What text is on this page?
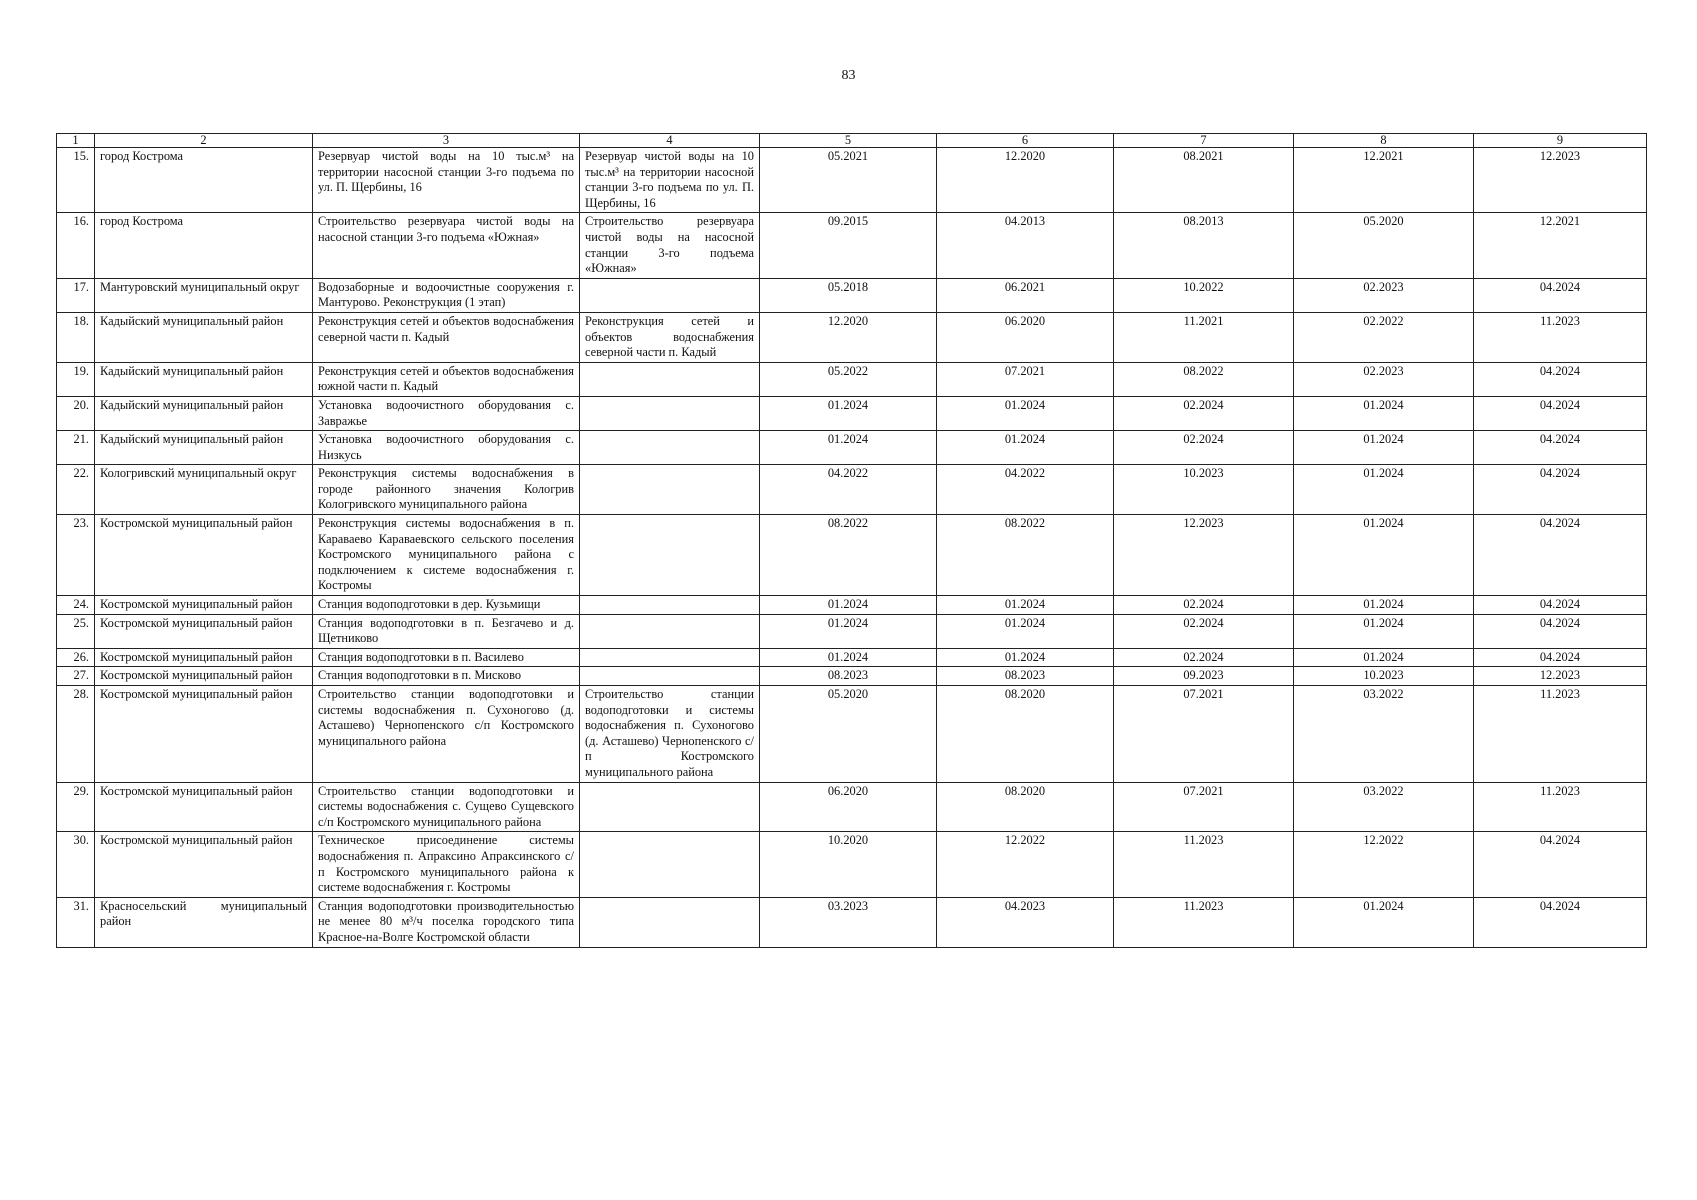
83
1	2	3	4	5	6	7	8	9
15.	город Кострома	Резервуар чистой воды на 10 тыс.м³ на территории насосной станции 3-го подъема по ул. П. Щербины, 16	Резервуар чистой воды на 10 тыс.м³ на территории насосной станции 3-го подъема по ул. П. Щербины, 16	05.2021	12.2020	08.2021	12.2021	12.2023
16.	город Кострома	Строительство резервуара чистой воды на насосной станции 3-го подъема «Южная»	Строительство резервуара чистой воды на насосной станции 3-го подъема «Южная»	09.2015	04.2013	08.2013	05.2020	12.2021
17.	Мантуровский муниципальный округ	Водозаборные и водоочистные сооружения г. Мантурово. Реконструкция (1 этап)		05.2018	06.2021	10.2022	02.2023	04.2024
18.	Кадыйский муниципальный район	Реконструкция сетей и объектов водоснабжения северной части п. Кадый	Реконструкция сетей и объектов водоснабжения северной части п. Кадый	12.2020	06.2020	11.2021	02.2022	11.2023
19.	Кадыйский муниципальный район	Реконструкция сетей и объектов водоснабжения южной части п. Кадый		05.2022	07.2021	08.2022	02.2023	04.2024
20.	Кадыйский муниципальный район	Установка водоочистного оборудования с. Завражье		01.2024	01.2024	02.2024	01.2024	04.2024
21.	Кадыйский муниципальный район	Установка водоочистного оборудования с. Низкусь		01.2024	01.2024	02.2024	01.2024	04.2024
22.	Кологривский муниципальный округ	Реконструкция системы водоснабжения в городе районного значения Кологрив Кологривского муниципального района		04.2022	04.2022	10.2023	01.2024	04.2024
23.	Костромской муниципальный район	Реконструкция системы водоснабжения в п. Караваево Караваевского сельского поселения Костромского муниципального района с подключением к системе водоснабжения г. Костромы		08.2022	08.2022	12.2023	01.2024	04.2024
24.	Костромской муниципальный район	Станция водоподготовки в дер. Кузьмищи		01.2024	01.2024	02.2024	01.2024	04.2024
25.	Костромской муниципальный район	Станция водоподготовки в п. Безгачево и д. Щетниково		01.2024	01.2024	02.2024	01.2024	04.2024
26.	Костромской муниципальный район	Станция водоподготовки в п. Василево		01.2024	01.2024	02.2024	01.2024	04.2024
27.	Костромской муниципальный район	Станция водоподготовки в п. Мисково		08.2023	08.2023	09.2023	10.2023	12.2023
28.	Костромской муниципальный район	Строительство станции водоподготовки и системы водоснабжения п. Сухоногово (д. Асташево) Чернопенского с/п Костромского муниципального района	Строительство станции водоподготовки и системы водоснабжения п. Сухоногово (д. Асташево) Чернопенского с/п Костромского муниципального района	05.2020	08.2020	07.2021	03.2022	11.2023
29.	Костромской муниципальный район	Строительство станции водоподготовки и системы водоснабжения с. Сущево Сущевского с/п Костромского муниципального района		06.2020	08.2020	07.2021	03.2022	11.2023
30.	Костромской муниципальный район	Техническое присоединение системы водоснабжения п. Апраксино Апраксинского с/п Костромского муниципального района к системе водоснабжения г. Костромы		10.2020	12.2022	11.2023	12.2022	04.2024
31.	Красносельский муниципальный район	Станция водоподготовки производительностью не менее 80 м³/ч поселка городского типа Красное-на-Волге Костромской области		03.2023	04.2023	11.2023	01.2024	04.2024
